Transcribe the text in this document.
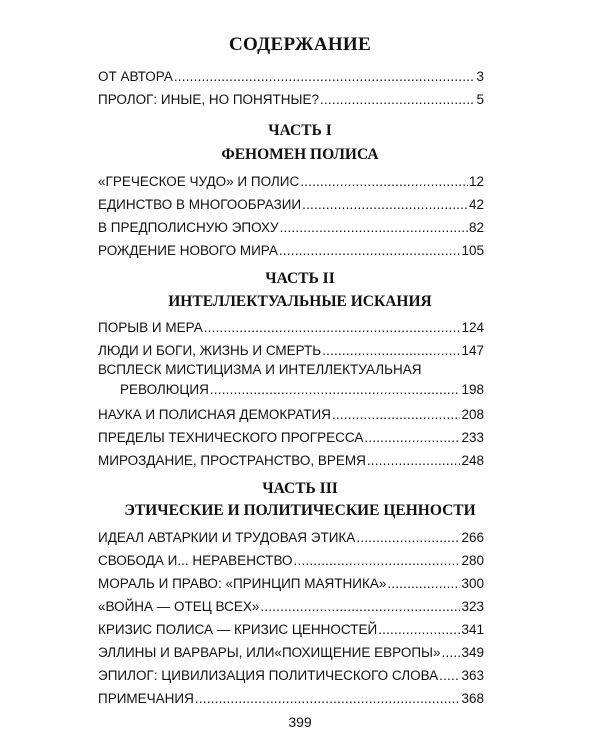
СОДЕРЖАНИЕ
ОТ АВТОРА .....	3
ПРОЛОГ: ИНЫЕ, НО ПОНЯТНЫЕ? .....	5
ЧАСТЬ I
ФЕНОМЕН ПОЛИСА
«ГРЕЧЕСКОЕ ЧУДО» И ПОЛИС .....	12
ЕДИНСТВО В МНОГООБРАЗИИ .....	42
В ПРЕДПОЛИСНУЮ ЭПОХУ .....	82
РОЖДЕНИЕ НОВОГО МИРА .....	105
ЧАСТЬ II
ИНТЕЛЛЕКТУАЛЬНЫЕ ИСКАНИЯ
ПОРЫВ И МЕРА .....	124
ЛЮДИ И БОГИ, ЖИЗНЬ И СМЕРТЬ .....	147
ВСПЛЕСК МИСТИЦИЗМА И ИНТЕЛЛЕКТУАЛЬНАЯ
РЕВОЛЮЦИЯ .....	198
НАУКА И ПОЛИСНАЯ ДЕМОКРАТИЯ .....	208
ПРЕДЕЛЫ ТЕХНИЧЕСКОГО ПРОГРЕССА .....	233
МИРОЗДАНИЕ, ПРОСТРАНСТВО, ВРЕМЯ .....	248
ЧАСТЬ III
ЭТИЧЕСКИЕ И ПОЛИТИЧЕСКИЕ ЦЕННОСТИ
ИДЕАЛ АВТАРКИИ И ТРУДОВАЯ ЭТИКА .....	266
СВОБОДА И... НЕРАВЕНСТВО .....	280
МОРАЛЬ И ПРАВО: «ПРИНЦИП МАЯТНИКА» .....	300
«ВОЙНА — ОТЕЦ ВСЕХ» .....	323
КРИЗИС ПОЛИСА — КРИЗИС ЦЕННОСТЕЙ .....	341
ЭЛЛИНЫ И ВАРВАРЫ, ИЛИ«ПОХИЩЕНИЕ ЕВРОПЫ» ..... 349
ЭПИЛОГ: ЦИВИЛИЗАЦИЯ ПОЛИТИЧЕСКОГО СЛОВА ..... 363
ПРИМЕЧАНИЯ .....	368
399
